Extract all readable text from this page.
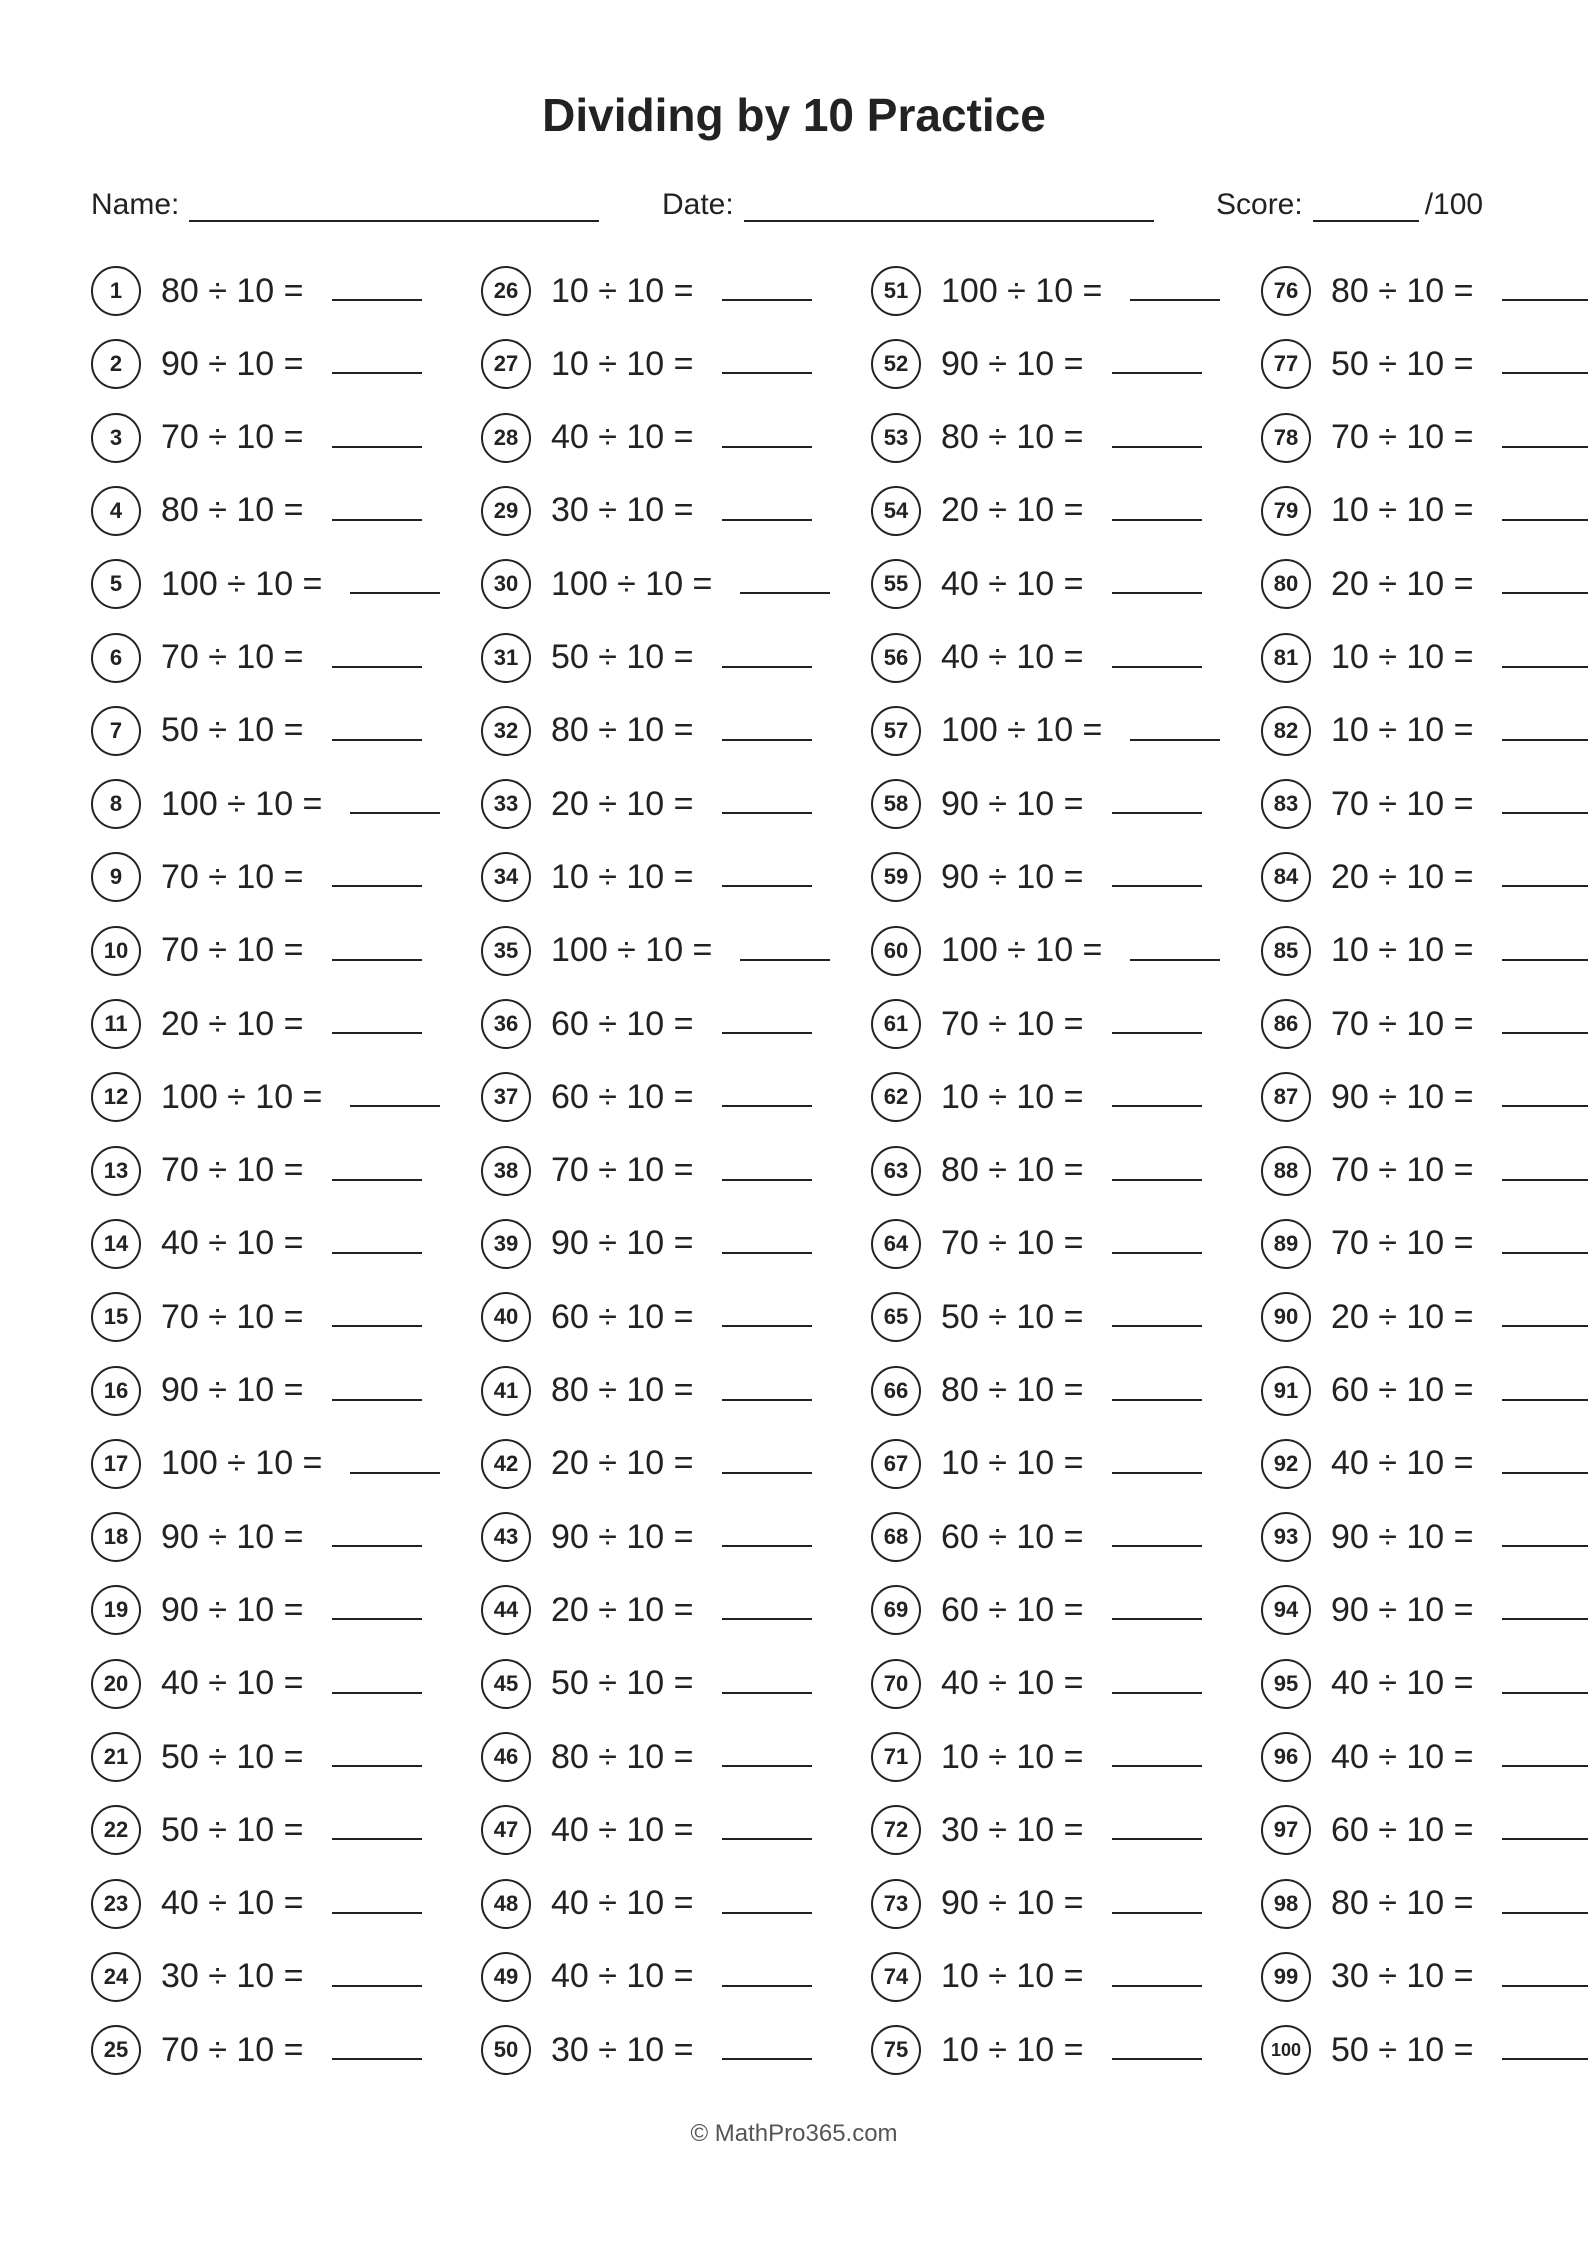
Dividing by 10 Practice
Name:	Date:	Score:	/100
1	80 ÷ 10 =
2	90 ÷ 10 =
3	70 ÷ 10 =
4	80 ÷ 10 =
5	100 ÷ 10 =
6	70 ÷ 10 =
7	50 ÷ 10 =
8	100 ÷ 10 =
9	70 ÷ 10 =
10 70 ÷ 10 =
11 20 ÷ 10 =
12 100 ÷ 10 =
13 70 ÷ 10 =
14 40 ÷ 10 =
15 70 ÷ 10 =
16 90 ÷ 10 =
17 100 ÷ 10 =
18 90 ÷ 10 =
19 90 ÷ 10 =
20 40 ÷ 10 =
21 50 ÷ 10 =
22 50 ÷ 10 =
23 40 ÷ 10 =
24 30 ÷ 10 =
25 70 ÷ 10 =
26 10 ÷ 10 =
27 10 ÷ 10 =
28 40 ÷ 10 =
29 30 ÷ 10 =
30 100 ÷ 10 =
31 50 ÷ 10 =
32 80 ÷ 10 =
33 20 ÷ 10 =
34 10 ÷ 10 =
35 100 ÷ 10 =
36 60 ÷ 10 =
37 60 ÷ 10 =
38 70 ÷ 10 =
39 90 ÷ 10 =
40 60 ÷ 10 =
41 80 ÷ 10 =
42 20 ÷ 10 =
43 90 ÷ 10 =
44 20 ÷ 10 =
45 50 ÷ 10 =
46 80 ÷ 10 =
47 40 ÷ 10 =
48 40 ÷ 10 =
49 40 ÷ 10 =
50 30 ÷ 10 =
51 100 ÷ 10 =
52 90 ÷ 10 =
53 80 ÷ 10 =
54 20 ÷ 10 =
55 40 ÷ 10 =
56 40 ÷ 10 =
57 100 ÷ 10 =
58 90 ÷ 10 =
59 90 ÷ 10 =
60 100 ÷ 10 =
61 70 ÷ 10 =
62 10 ÷ 10 =
63 80 ÷ 10 =
64 70 ÷ 10 =
65 50 ÷ 10 =
66 80 ÷ 10 =
67 10 ÷ 10 =
68 60 ÷ 10 =
69 60 ÷ 10 =
70 40 ÷ 10 =
71 10 ÷ 10 =
72 30 ÷ 10 =
73 90 ÷ 10 =
74 10 ÷ 10 =
75 10 ÷ 10 =
76 80 ÷ 10 =
77 50 ÷ 10 =
78 70 ÷ 10 =
79 10 ÷ 10 =
80 20 ÷ 10 =
81 10 ÷ 10 =
82 10 ÷ 10 =
83 70 ÷ 10 =
84 20 ÷ 10 =
85 10 ÷ 10 =
86 70 ÷ 10 =
87 90 ÷ 10 =
88 70 ÷ 10 =
89 70 ÷ 10 =
90 20 ÷ 10 =
91 60 ÷ 10 =
92 40 ÷ 10 =
93 90 ÷ 10 =
94 90 ÷ 10 =
95 40 ÷ 10 =
96 40 ÷ 10 =
97 60 ÷ 10 =
98 80 ÷ 10 =
99 30 ÷ 10 =
100 50 ÷ 10 =
© MathPro365.com
